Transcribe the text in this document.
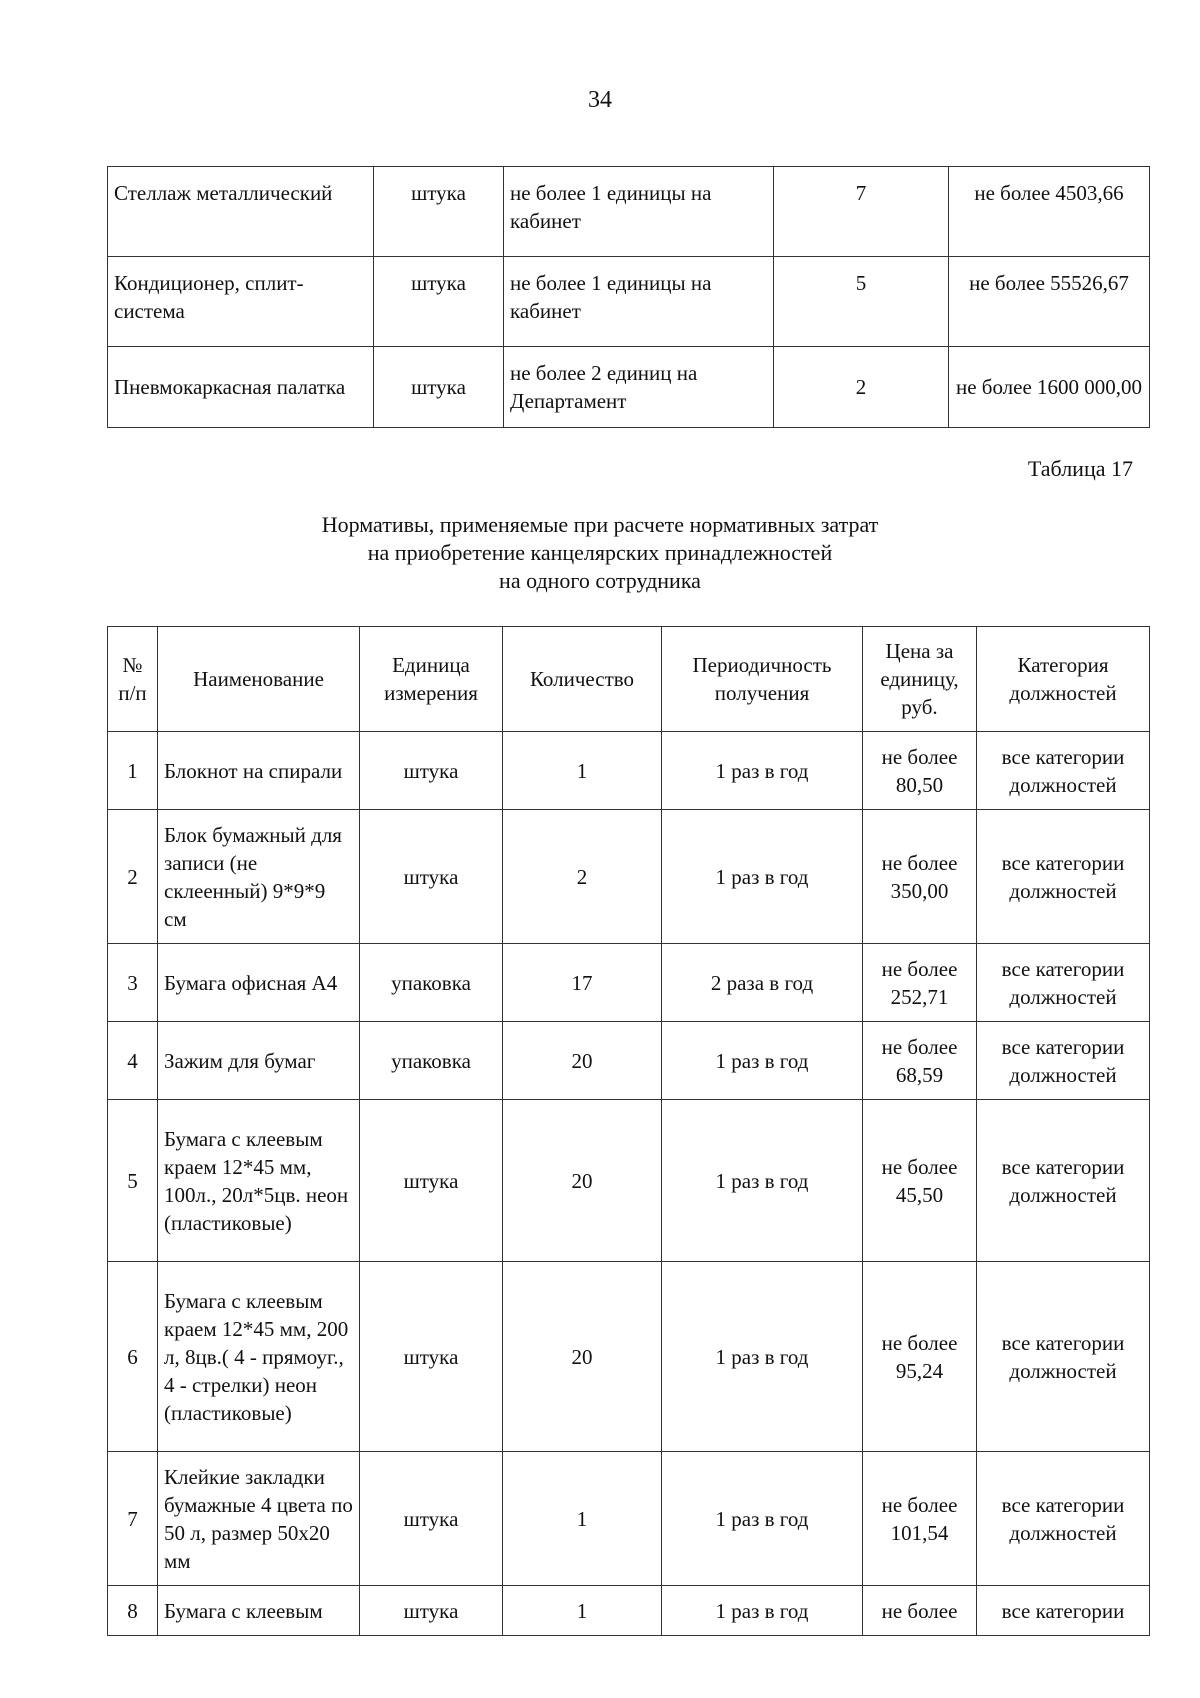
34
Стеллаж металлический	штука	не более 1 единицы на кабинет	7	не более 4503,66
Кондиционер, сплит-система	штука	не более 1 единицы на кабинет	5	не более 55526,67
Пневмокаркасная палатка	штука	не более 2 единиц на Департамент	2	не более 1600 000,00
Таблица 17
Нормативы, применяемые при расчете нормативных затрат
на приобретение канцелярских принадлежностей
на одного сотрудника
№ п/п	Наименование	Единица измерения	Количество	Периодичность получения	Цена за единицу, руб.	Категория должностей
1	Блокнот на спирали	штука	1	1 раз в год	не более 80,50	все категории должностей
2	Блок бумажный для записи (не склеенный) 9*9*9 см	штука	2	1 раз в год	не более 350,00	все категории должностей
3	Бумага офисная А4	упаковка	17	2 раза в год	не более 252,71	все категории должностей
4	Зажим для бумаг	упаковка	20	1 раз в год	не более 68,59	все категории должностей
5	Бумага с клеевым краем 12*45 мм, 100л., 20л*5цв. неон (пластиковые)	штука	20	1 раз в год	не более 45,50	все категории должностей
6	Бумага с клеевым краем 12*45 мм, 200 л, 8цв.( 4 - прямоуг., 4 - стрелки) неон (пластиковые)	штука	20	1 раз в год	не более 95,24	все категории должностей
7	Клейкие закладки бумажные 4 цвета по 50 л, размер 50х20 мм	штука	1	1 раз в год	не более 101,54	все категории должностей
8	Бумага с клеевым	штука	1	1 раз в год	не более	все категории
